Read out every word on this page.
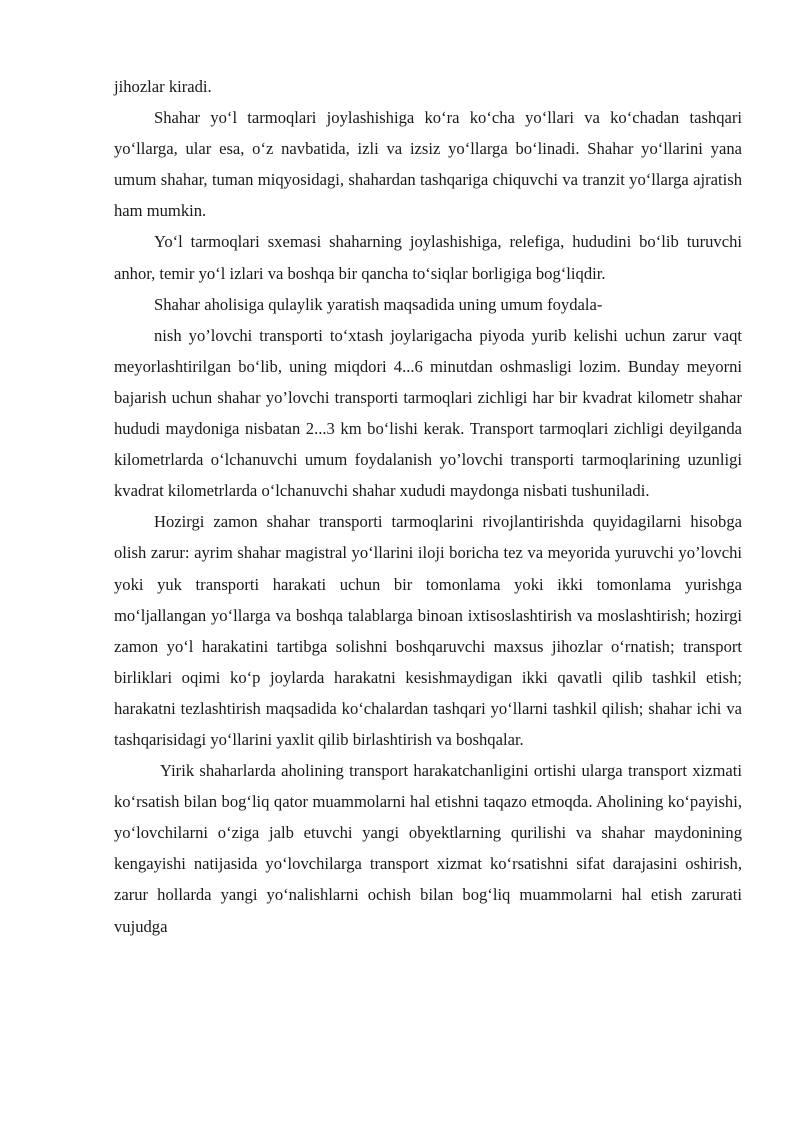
jihozlar kiradi.

Shahar yo‘l tarmoqlari joylashishiga ko‘ra ko‘cha yo‘llari va ko‘chadan tashqari yo‘llarga, ular esa, o‘z navbatida, izli va izsiz yo‘llarga bo‘linadi. Shahar yo‘llarini yana umum shahar, tuman miqyosidagi, shahardan tashqariga chiquvchi va tranzit yo‘llarga ajratish ham mumkin.

Yo‘l tarmoqlari sxemasi shaharning joylashishiga, relefiga, hududini bo‘lib turuvchi anhor, temir yo‘l izlari va boshqa bir qancha to‘siqlar borligiga bog‘liqdir.

Shahar aholisiga qulaylik yaratish maqsadida uning umum foydala-

nish yo’lovchi transporti to‘xtash joylarigacha piyoda yurib kelishi uchun zarur vaqt meyorlashtirilgan bo‘lib, uning miqdori 4...6 minutdan oshmasligi lozim. Bunday meyorni bajarish uchun shahar yo’lovchi transporti tarmoqlari zichligi har bir kvadrat kilometr shahar hududi maydoniga nisbatan 2...3 km bo‘lishi kerak. Transport tarmoqlari zichligi deyilganda kilometrlarda o‘lchanuvchi umum foydalanish yo’lovchi transporti tarmoqlarining uzunligi kvadrat kilometrlarda o‘lchanuvchi shahar xududi maydonga nisbati tushuniladi.

Hozirgi zamon shahar transporti tarmoqlarini rivojlantirishda quyidagilarni hisobga olish zarur: ayrim shahar magistral yo‘llarini iloji boricha tez va meyorida yuruvchi yo’lovchi yoki yuk transporti harakati uchun bir tomonlama yoki ikki tomonlama yurishga mo‘ljallangan yo‘llarga va boshqa talablarga binoan ixtisoslashtirish va moslashtirish; hozirgi zamon yo‘l harakatini tartibga solishni boshqaruvchi maxsus jihozlar o‘rnatish; transport birliklari oqimi ko‘p joylarda harakatni kesishmaydigan ikki qavatli qilib tashkil etish; harakatni tezlashtirish maqsadida ko‘chalardan tashqari yo‘llarni tashkil qilish; shahar ichi va tashqarisidagi yo‘llarini yaxlit qilib birlashtirish va boshqalar.

Yirik shaharlarda aholining transport harakatchanligini ortishi ularga transport xizmati ko‘rsatish bilan bog‘liq qator muammolarni hal etishni taqazo etmoqda. Aholining ko‘payishi, yo‘lovchilarni o‘ziga jalb etuvchi yangi obyektlarning qurilishi va shahar maydonining kengayishi natijasida yo‘lovchilarga transport xizmat ko‘rsatishni sifat darajasini oshirish, zarur hollarda yangi yo‘nalishlarni ochish bilan bog‘liq muammolarni hal etish zarurati vujudga
